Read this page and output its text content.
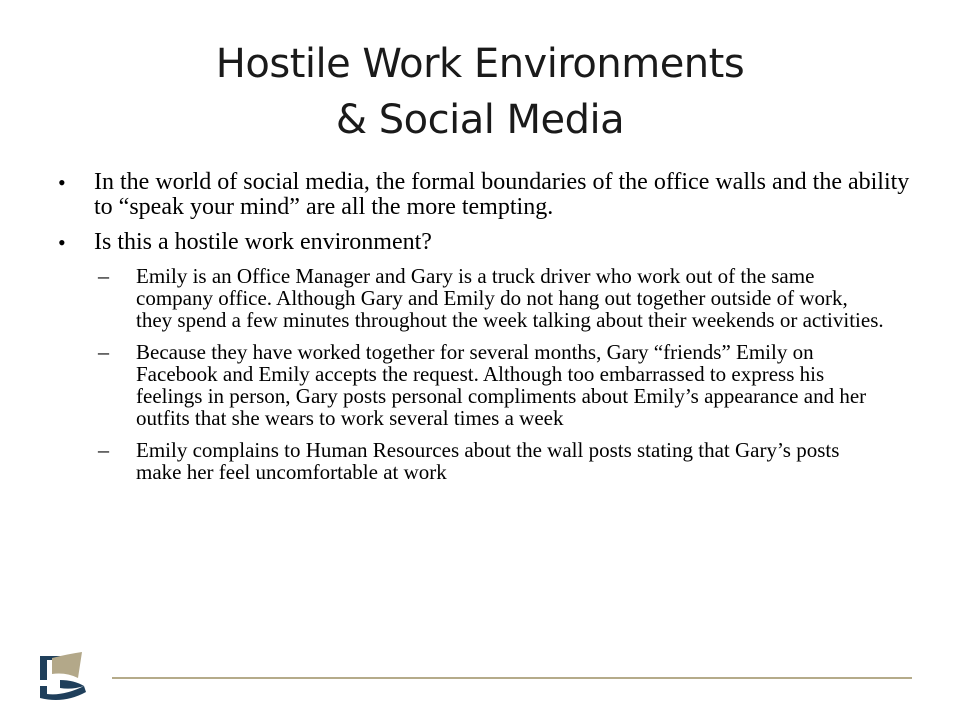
Hostile Work Environments
& Social Media
• In the world of social media, the formal boundaries of the office walls and the ability to “speak your mind” are all the more tempting.
• Is this a hostile work environment?
– Emily is an Office Manager and Gary is a truck driver who work out of the same company office. Although Gary and Emily do not hang out together outside of work, they spend a few minutes throughout the week talking about their weekends or activities.
– Because they have worked together for several months, Gary “friends” Emily on Facebook and Emily accepts the request. Although too embarrassed to express his feelings in person, Gary posts personal compliments about Emily’s appearance and her outfits that she wears to work several times a week
– Emily complains to Human Resources about the wall posts stating that Gary’s posts make her feel uncomfortable at work
